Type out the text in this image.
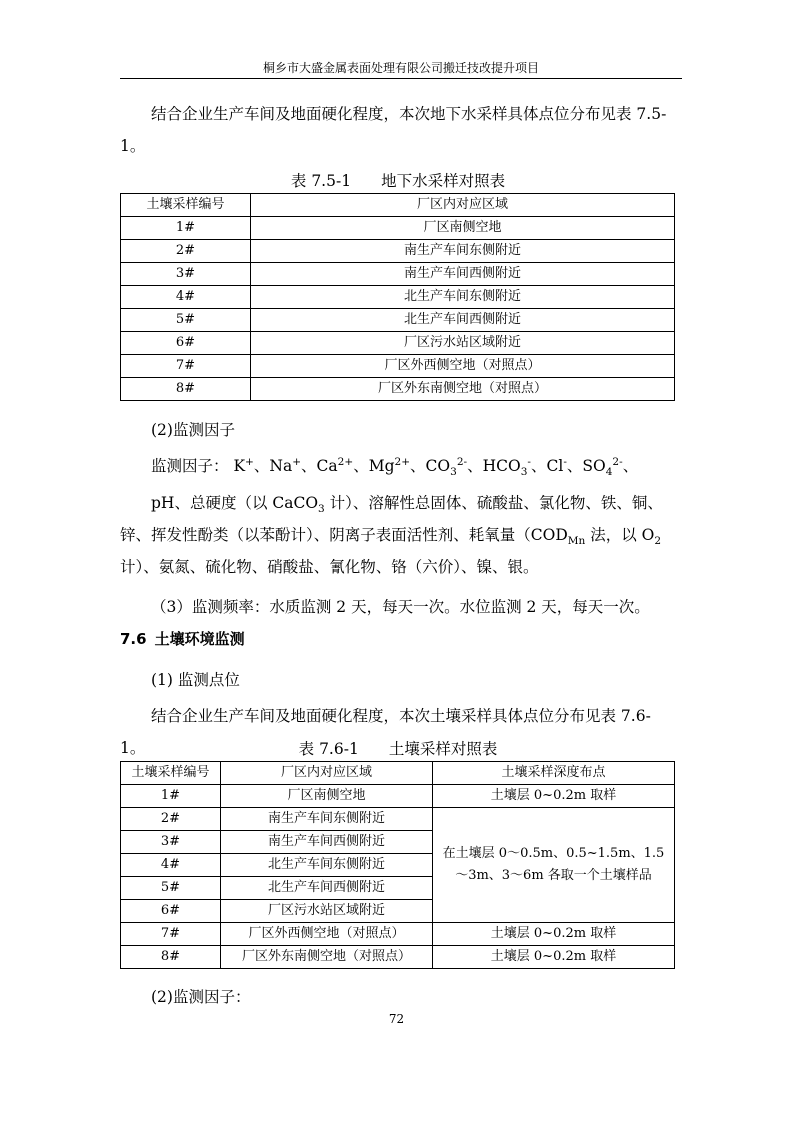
桐乡市大盛金属表面处理有限公司搬迁技改提升项目

结合企业生产车间及地面硬化程度，本次地下水采样具体点位分布见表 7.5-1。

表 7.5-1 地下水采样对照表
土壤采样编号	厂区内对应区域
1#	厂区南侧空地
2#	南生产车间东侧附近
3#	南生产车间西侧附近
4#	北生产车间东侧附近
5#	北生产车间西侧附近
6#	厂区污水站区域附近
7#	厂区外西侧空地（对照点）
8#	厂区外东南侧空地（对照点）

(2)监测因子

监测因子： K+、Na+、$Ca^{2+}$、$Mg^{2+}$、$CO_3^{2-}$、$HCO_3^-$、Cl-、$SO_4^{2-}$、

pH、总硬度（以 CaCO$_3$ 计）、溶解性总固体、硫酸盐、氯化物、铁、铜、锌、挥发性酚类（以苯酚计）、阴离子表面活性剂、耗氧量（$COD_{Mn}$ 法，以 $O_2$ 计）、氨氮、硫化物、硝酸盐、氰化物、铬（六价）、镍、银。

（3）监测频率：水质监测 2 天，每天一次。水位监测 2 天，每天一次。

7.6 土壤环境监测

(1) 监测点位

结合企业生产车间及地面硬化程度，本次土壤采样具体点位分布见表 7.6-1。	表 7.6-1 土壤采样对照表
土壤采样编号	厂区内对应区域	土壤采样深度布点
1#	厂区南侧空地	土壤层 0~0.2m 取样
2#	南生产车间东侧附近	在土壤层 0～0.5m、0.5~1.5m、1.5～3m、3～6m 各取一个土壤样品
3#	南生产车间西侧附近	
4#	北生产车间东侧附近	
5#	北生产车间西侧附近	
6#	厂区污水站区域附近	
7#	厂区外西侧空地（对照点）	土壤层 0~0.2m 取样
8#	厂区外东南侧空地（对照点）	土壤层 0~0.2m 取样

(2)监测因子：

72
